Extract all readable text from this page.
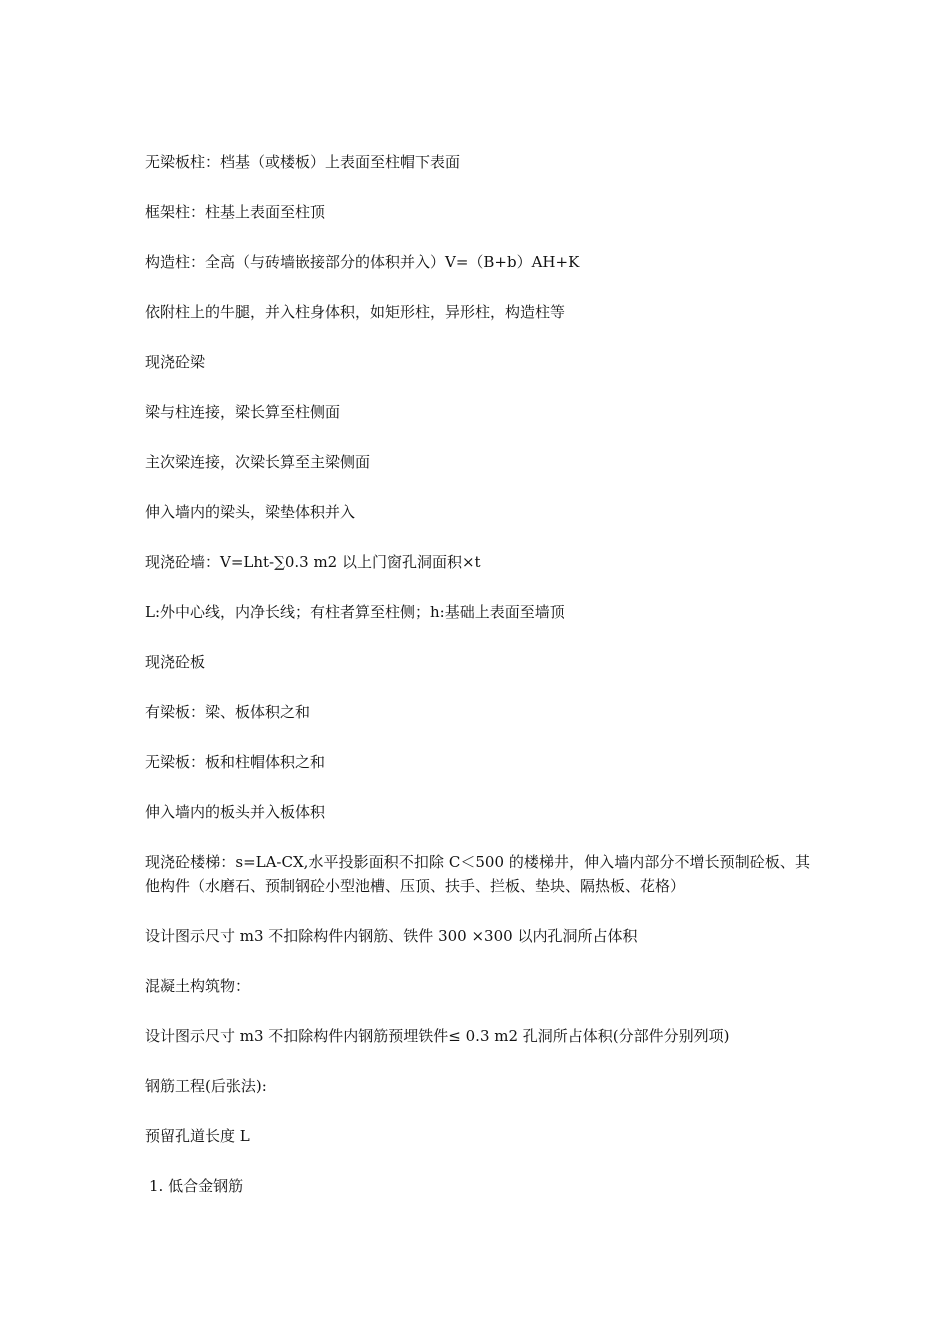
无梁板柱：档基（或楼板）上表面至柱帽下表面

框架柱：柱基上表面至柱顶

构造柱：全高（与砖墙嵌接部分的体积并入）V=（B+b）AH+K

依附柱上的牛腿，并入柱身体积，如矩形柱，异形柱，构造柱等

现浇砼梁

梁与柱连接，梁长算至柱侧面

主次梁连接，次梁长算至主梁侧面

伸入墙内的梁头，梁垫体积并入

现浇砼墙：V=Lht-∑0.3 m2 以上门窗孔洞面积×t

L:外中心线，内净长线；有柱者算至柱侧；h:基础上表面至墙顶

现浇砼板

有梁板：梁、板体积之和

无梁板：板和柱帽体积之和

伸入墙内的板头并入板体积

现浇砼楼梯：s=LA-CX,水平投影面积不扣除 C＜500 的楼梯井，伸入墙内部分不增长预制砼板、其他构件（水磨石、预制钢砼小型池槽、压顶、扶手、拦板、垫块、隔热板、花格）

设计图示尺寸 m3 不扣除构件内钢筋、铁件 300 ×300 以内孔洞所占体积

混凝土构筑物：

设计图示尺寸 m3 不扣除构件内钢筋预埋铁件≤ 0.3 m2 孔洞所占体积(分部件分别列项)

钢筋工程(后张法):

预留孔道长度 L

1. 低合金钢筋
